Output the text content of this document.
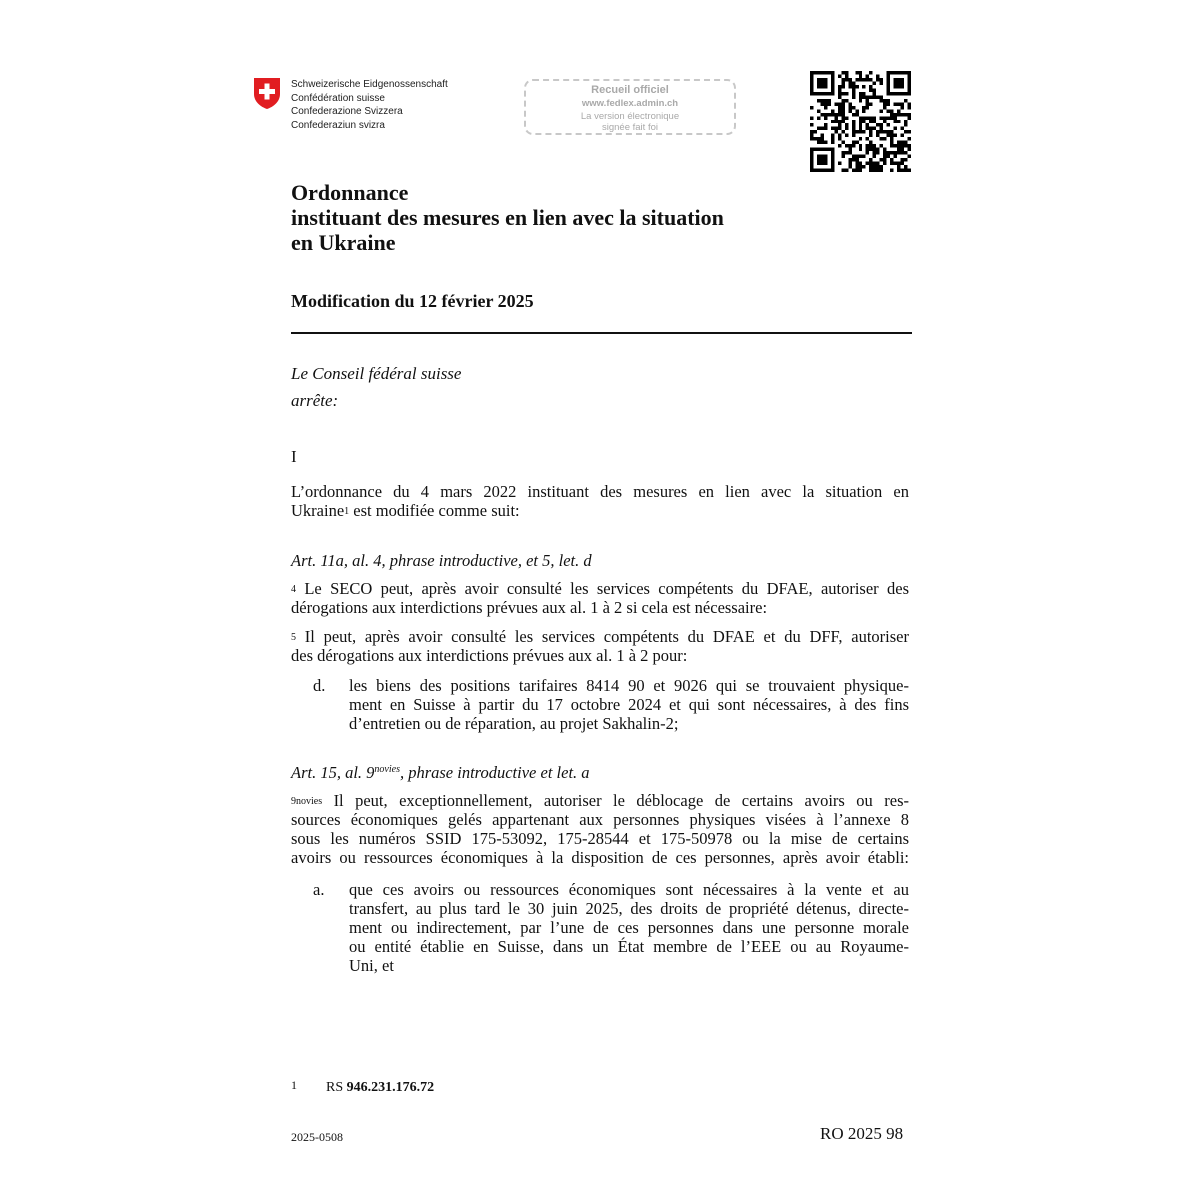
Schweizerische Eidgenossenschaft
Confédération suisse
Confederazione Svizzera
Confederaziun svizra
Recueil officiel
www.fedlex.admin.ch
La version électronique
signée fait foi
Ordonnance
instituant des mesures en lien avec la situation
en Ukraine
Modification du 12 février 2025
Le Conseil fédéral suisse
arrête:
I
L’ordonnance du 4 mars 2022 instituant des mesures en lien avec la situation en
Ukraine$^1$ est modifiée comme suit:
Art. 11a, al. 4, phrase introductive, et 5, let. d
$^4$ Le SECO peut, après avoir consulté les services compétents du DFAE, autoriser des
dérogations aux interdictions prévues aux al. 1 à 2 si cela est nécessaire:
$^5$ Il peut, après avoir consulté les services compétents du DFAE et du DFF, autoriser
des dérogations aux interdictions prévues aux al. 1 à 2 pour:
d. les biens des positions tarifaires 8414 90 et 9026 qui se trouvaient physique-
ment en Suisse à partir du 17 octobre 2024 et qui sont nécessaires, à des fins
d’entretien ou de réparation, au projet Sakhalin-2;
Art. 15, al. $9^{novies}$, phrase introductive et let. a
$^{9novies}$ Il peut, exceptionnellement, autoriser le déblocage de certains avoirs ou res-
sources économiques gelés appartenant aux personnes physiques visées à l’annexe 8
sous les numéros SSID 175-53092, 175-28544 et 175-50978 ou la mise de certains
avoirs ou ressources économiques à la disposition de ces personnes, après avoir établi:
a. que ces avoirs ou ressources économiques sont nécessaires à la vente et au
transfert, au plus tard le 30 juin 2025, des droits de propriété détenus, directe-
ment ou indirectement, par l’une de ces personnes dans une personne morale
ou entité établie en Suisse, dans un État membre de l’EEE ou au Royaume-
Uni, et
1 RS 946.231.176.72
2025-0508	RO 2025 98
